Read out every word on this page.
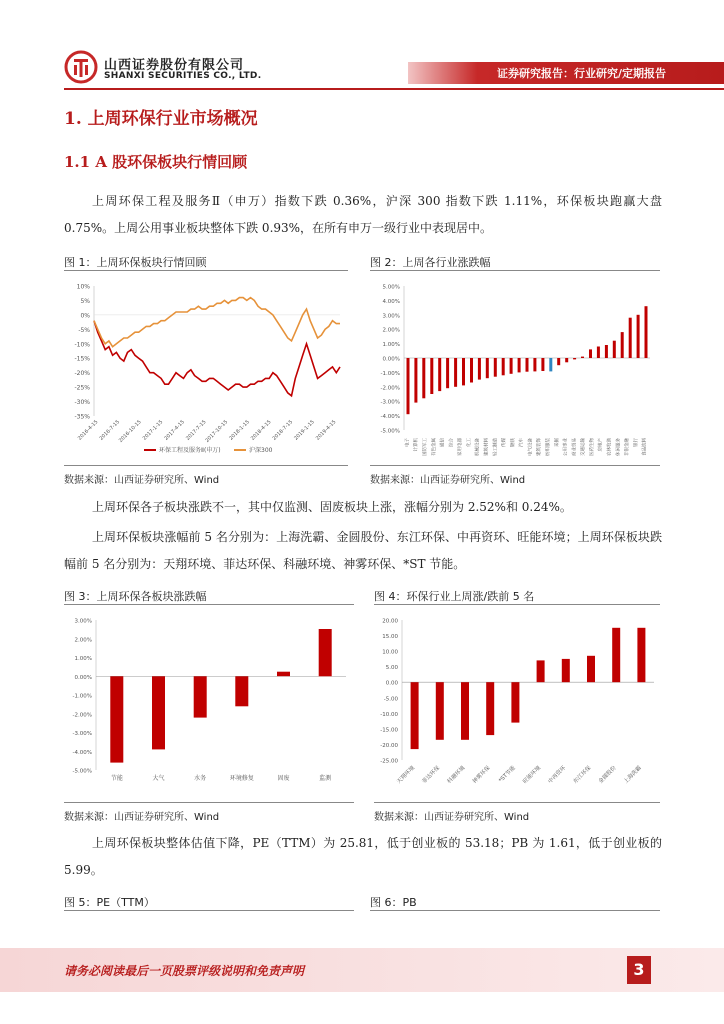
山西证券股份有限公司
SHANXI SECURITIES CO., LTD.	证券研究报告：行业研究/定期报告
1. 上周环保行业市场概况
1.1 A 股环保板块行情回顾

上周环保工程及服务Ⅱ（申万）指数下跌 0.36%，沪深 300 指数下跌 1.11%，环保板块跑赢大盘 0.75%。上周公用事业板块整体下跌 0.93%，在所有申万一级行业中表现居中。

图 1：上周环保板块行情回顾	图 2：上周各行业涨跌幅
10%
5%
0%
-5%
-10%
-15%
-20%
-25%
-30%
-35%
2016-4-15 2016-7-15
2016-10-15 2017-1-15 2017-4-15 2017-7-15
2017-10-15 2018-1-15 2018-4-15 2018-7-15 2019-1-15 2019-4-15
环保工程及服务Ⅱ(申万)	沪深300
5.00%
4.00%
3.00%
2.00%
1.00%
0.00%
-1.00%
-2.00%
-3.00%
-4.00%
-5.00%
电子 计算机 国防军工 有色金属 通信 综合 家用电器 化工 机械设备 建筑材料 轻工制造 传媒 钢铁 汽车 电气设备 建筑装饰 纺织服装 采掘 公用事业 商业贸易 交通运输 医药生物 房地产 农林牧渔 休闲服务 非银金融 银行 食品饮料
数据来源：山西证券研究所、Wind	数据来源：山西证券研究所、Wind

上周环保各子板块涨跌不一，其中仅监测、固废板块上涨，涨幅分别为 2.52%和 0.24%。

上周环保板块涨幅前 5 名分别为：上海洗霸、金圆股份、东江环保、中再资环、旺能环境；上周环保板块跌幅前 5 名分别为：天翔环境、菲达环保、科融环境、神雾环保、*ST 节能。

图 3：上周环保各板块涨跌幅	图 4：环保行业上周涨/跌前 5 名
3.00%
2.00%
1.00%
0.00%
-1.00%
-2.00%
-3.00%
-4.00%
-5.00%
节能	大气	水务	环境修复	固废	监测
20.00
15.00
10.00
5.00
0.00
-5.00
-10.00
-15.00
-20.00
-25.00
天翔环境 菲达环保 科融环境 神雾环保 *ST节能 旺能环境 中再资环 东江环保 金圆股份 上海洗霸
数据来源：山西证券研究所、Wind	数据来源：山西证券研究所、Wind

上周环保板块整体估值下降，PE（TTM）为 25.81，低于创业板的 53.18；PB 为 1.61，低于创业板的 5.99。

图 5：PE（TTM）	图 6：PB
请务必阅读最后一页股票评级说明和免责声明	3
